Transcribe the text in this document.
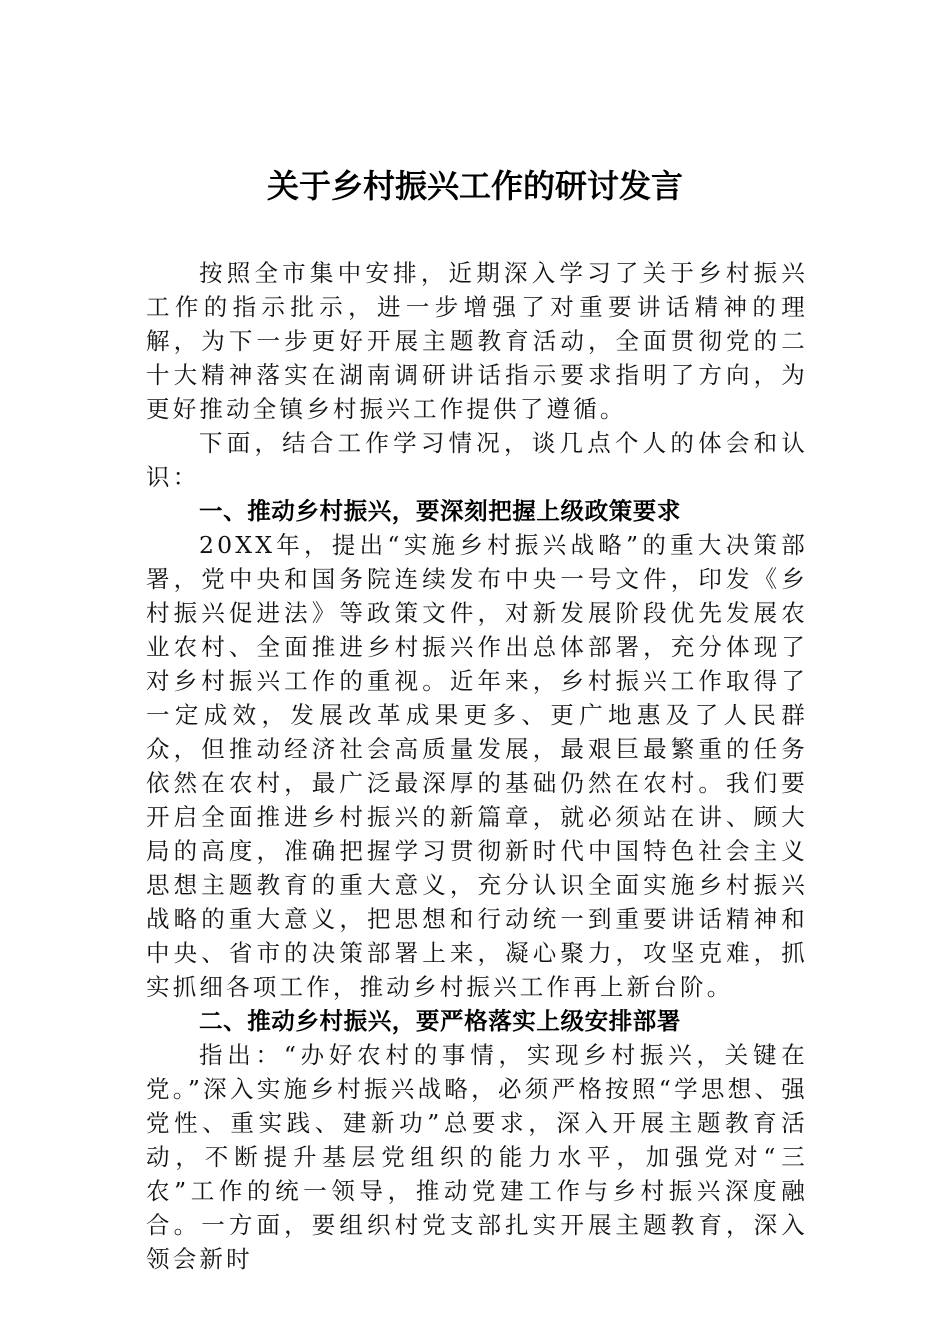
关于乡村振兴工作的研讨发言

按照全市集中安排，近期深入学习了关于乡村振兴工作的指示批示，进一步增强了对重要讲话精神的理解，为下一步更好开展主题教育活动，全面贯彻党的二十大精神落实在湖南调研讲话指示要求指明了方向，为更好推动全镇乡村振兴工作提供了遵循。

下面，结合工作学习情况，谈几点个人的体会和认识：

一、推动乡村振兴，要深刻把握上级政策要求

20XX年，提出“实施乡村振兴战略”的重大决策部署，党中央和国务院连续发布中央一号文件，印发《乡村振兴促进法》等政策文件，对新发展阶段优先发展农业农村、全面推进乡村振兴作出总体部署，充分体现了对乡村振兴工作的重视。近年来，乡村振兴工作取得了一定成效，发展改革成果更多、更广地惠及了人民群众，但推动经济社会高质量发展，最艰巨最繁重的任务依然在农村，最广泛最深厚的基础仍然在农村。我们要开启全面推进乡村振兴的新篇章，就必须站在讲、顾大局的高度，准确把握学习贯彻新时代中国特色社会主义思想主题教育的重大意义，充分认识全面实施乡村振兴战略的重大意义，把思想和行动统一到重要讲话精神和中央、省市的决策部署上来，凝心聚力，攻坚克难，抓实抓细各项工作，推动乡村振兴工作再上新台阶。

二、推动乡村振兴，要严格落实上级安排部署

指出：“办好农村的事情，实现乡村振兴，关键在党。”深入实施乡村振兴战略，必须严格按照“学思想、强党性、重实践、建新功”总要求，深入开展主题教育活动，不断提升基层党组织的能力水平，加强党对“三农”工作的统一领导，推动党建工作与乡村振兴深度融合。一方面，要组织村党支部扎实开展主题教育，深入领会新时
